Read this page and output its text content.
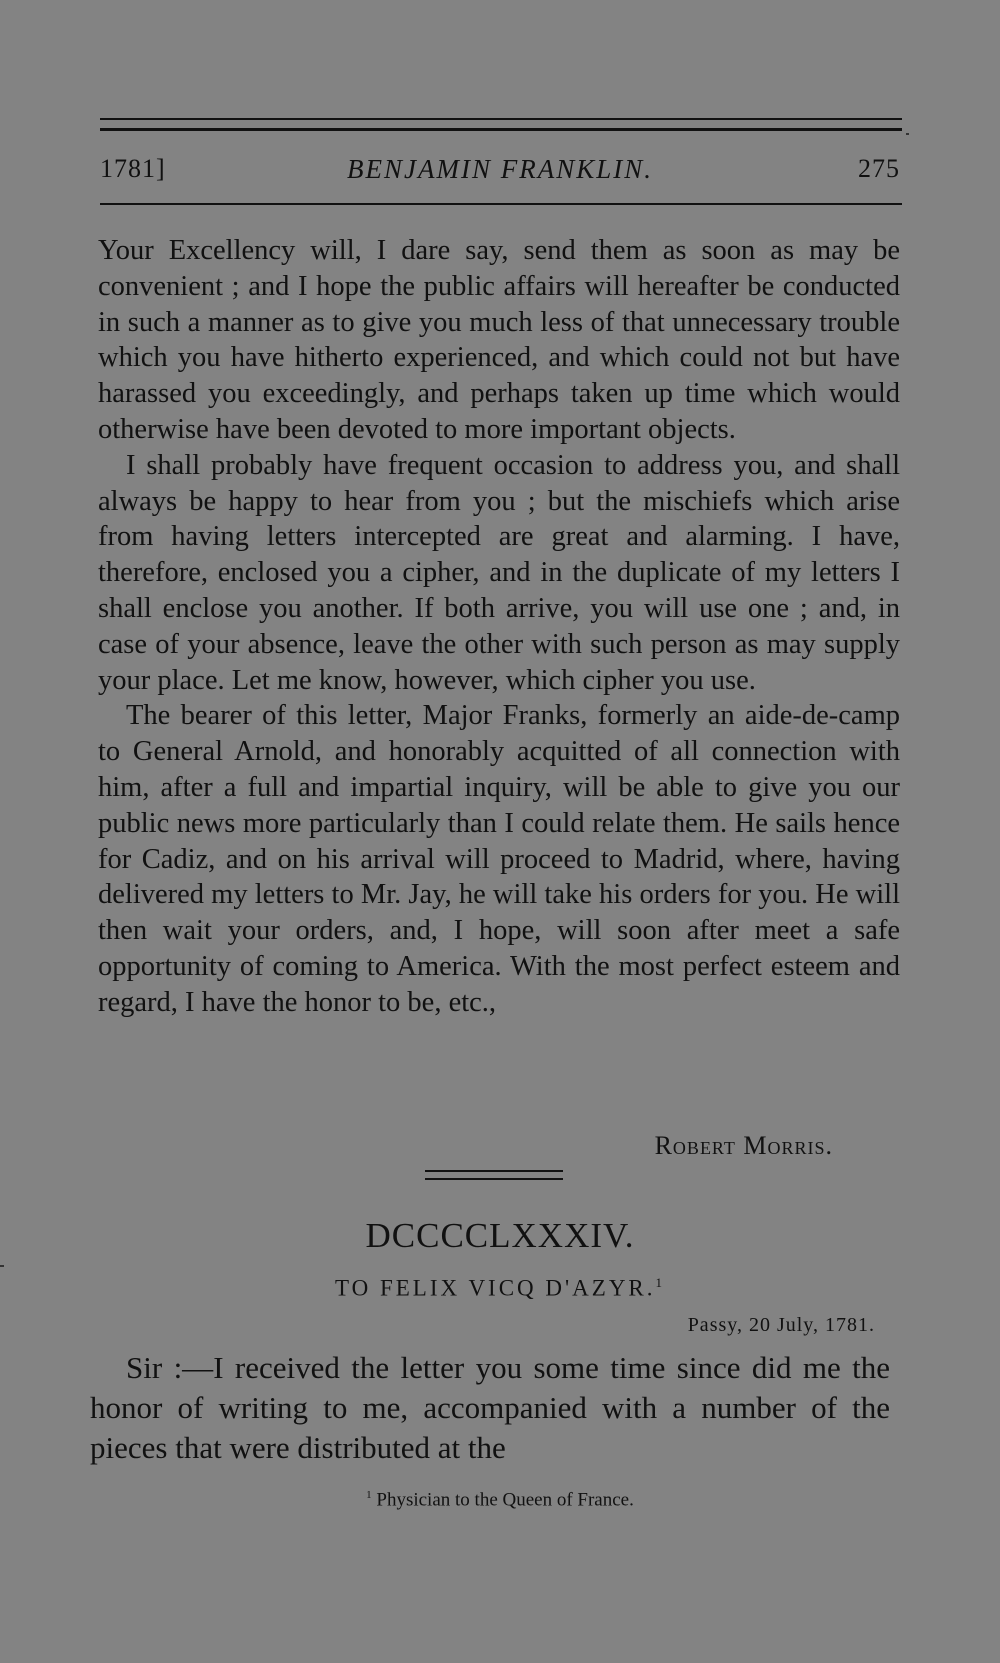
1781]	BENJAMIN FRANKLIN.	275

Your Excellency will, I dare say, send them as soon as may be convenient ; and I hope the public affairs will hereafter be conducted in such a manner as to give you much less of that unnecessary trouble which you have hitherto experienced, and which could not but have harassed you exceedingly, and perhaps taken up time which would otherwise have been devoted to more important objects.

I shall probably have frequent occasion to address you, and shall always be happy to hear from you ; but the mischiefs which arise from having letters intercepted are great and alarming. I have, therefore, enclosed you a cipher, and in the duplicate of my letters I shall enclose you another. If both arrive, you will use one ; and, in case of your absence, leave the other with such person as may supply your place. Let me know, however, which cipher you use.

The bearer of this letter, Major Franks, formerly an aide-de-camp to General Arnold, and honorably acquitted of all connection with him, after a full and impartial inquiry, will be able to give you our public news more particularly than I could relate them. He sails hence for Cadiz, and on his arrival will proceed to Madrid, where, having delivered my letters to Mr. Jay, he will take his orders for you. He will then wait your orders, and, I hope, will soon after meet a safe opportunity of coming to America. With the most perfect esteem and regard, I have the honor to be, etc.,

Robert Morris.
DCCCCLXXXIV.
TO FELIX VICQ D'AZYR.$^1$
Passy, 20 July, 1781.

Sir :—I received the letter you some time since did me the honor of writing to me, accompanied with a number of the pieces that were distributed at the

$^1$ Physician to the Queen of France.
